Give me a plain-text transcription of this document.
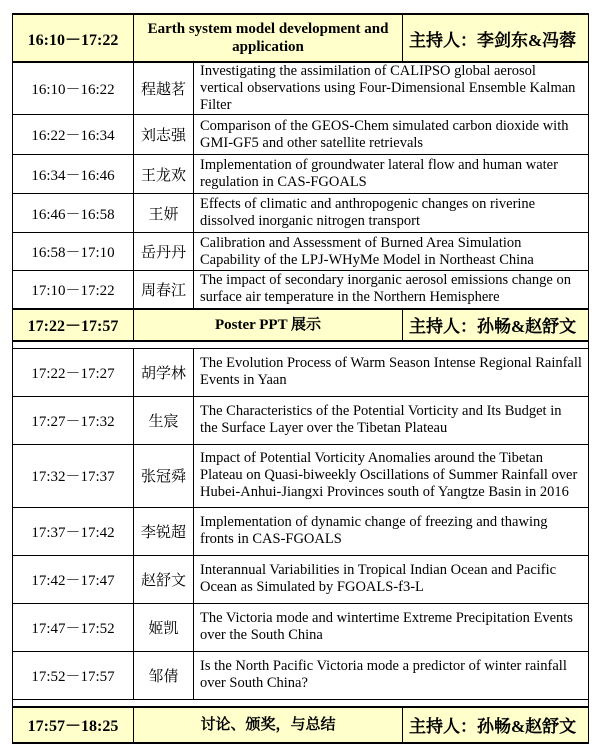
16:10－17:22	Earth system model development and application		主持人：李剑东&冯蓉
16:10－16:22	程越茗	Investigating the assimilation of CALIPSO global aerosol vertical observations using Four-Dimensional Ensemble Kalman Filter	
16:22－16:34	刘志强	Comparison of the GEOS-Chem simulated carbon dioxide with GMI-GF5 and other satellite retrievals	
16:34－16:46	王龙欢	Implementation of groundwater lateral flow and human water regulation in CAS-FGOALS	
16:46－16:58	王妍	Effects of climatic and anthropogenic changes on riverine dissolved inorganic nitrogen transport	
16:58－17:10	岳丹丹	Calibration and Assessment of Burned Area Simulation Capability of the LPJ-WHyMe Model in Northeast China	
17:10－17:22	周春江	The impact of secondary inorganic aerosol emissions change on surface air temperature in the Northern Hemisphere	
17:22－17:57	Poster PPT 展示		主持人：孙畅&赵舒文

17:22－17:27	胡学林	The Evolution Process of Warm Season Intense Regional Rainfall Events in Yaan	
17:27－17:32	生宸	The Characteristics of the Potential Vorticity and Its Budget in the Surface Layer over the Tibetan Plateau	
17:32－17:37	张冠舜	Impact of Potential Vorticity Anomalies around the Tibetan Plateau on Quasi-biweekly Oscillations of Summer Rainfall over Hubei-Anhui-Jiangxi Provinces south of Yangtze Basin in 2016	
17:37－17:42	李锐超	Implementation of dynamic change of freezing and thawing fronts in CAS-FGOALS	
17:42－17:47	赵舒文	Interannual Variabilities in Tropical Indian Ocean and Pacific Ocean as Simulated by FGOALS-f3-L	
17:47－17:52	姬凯	The Victoria mode and wintertime Extreme Precipitation Events over the South China	
17:52－17:57	邹倩	Is the North Pacific Victoria mode a predictor of winter rainfall over South China?	

17:57－18:25	讨论、颁奖，与总结		主持人：孙畅&赵舒文
